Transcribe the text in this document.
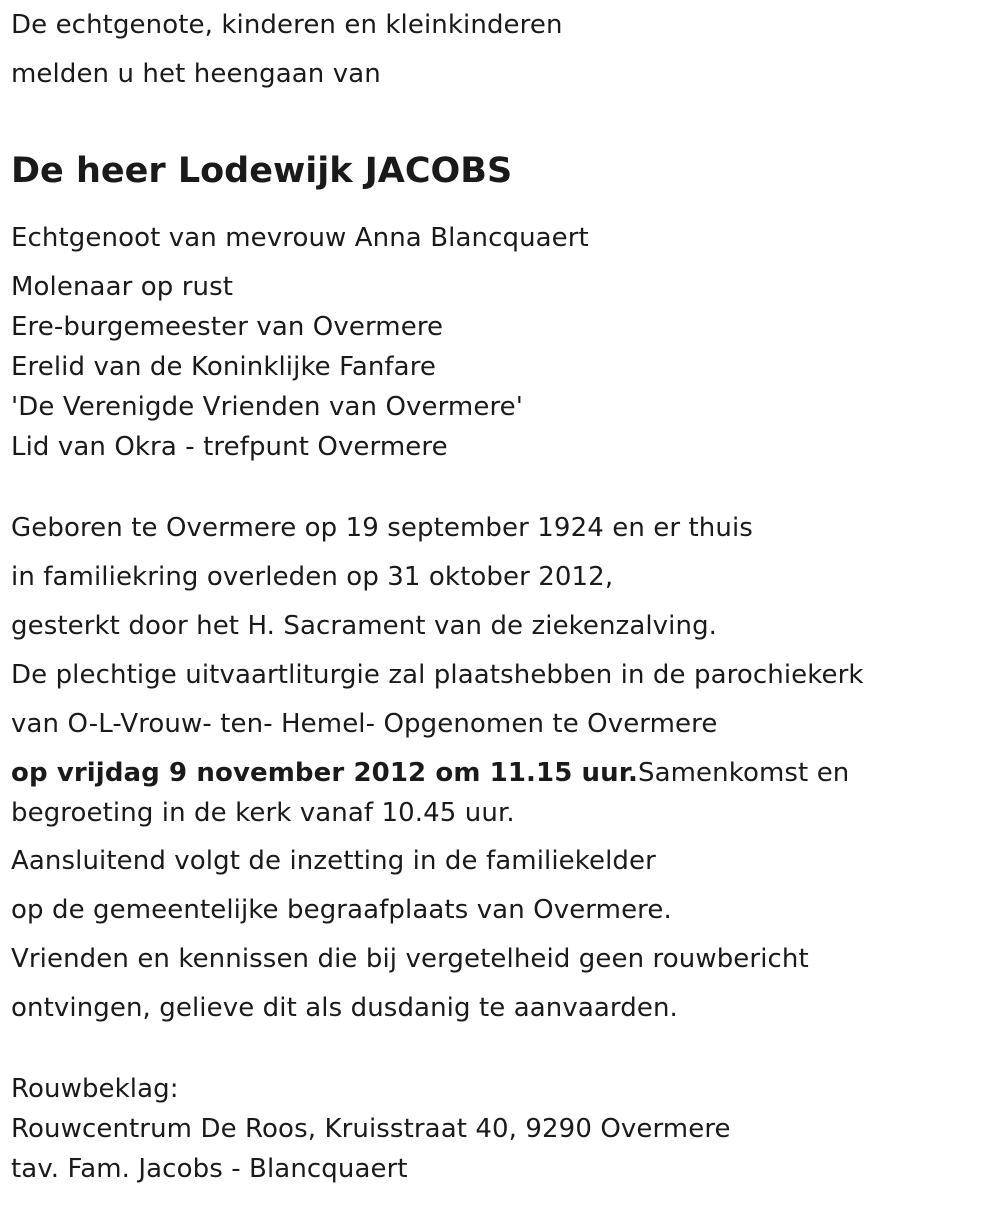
De echtgenote, kinderen en kleinkinderen
melden u het heengaan van
De heer Lodewijk JACOBS
Echtgenoot van mevrouw Anna Blancquaert
Molenaar op rust
Ere-burgemeester van Overmere
Erelid van de Koninklijke Fanfare
'De Verenigde Vrienden van Overmere'
Lid van Okra - trefpunt Overmere
Geboren te Overmere op 19 september 1924 en er thuis
in familiekring overleden op 31 oktober 2012,
gesterkt door het H. Sacrament van de ziekenzalving.
De plechtige uitvaartliturgie zal plaatshebben in de parochiekerk
van O-L-Vrouw- ten- Hemel- Opgenomen te Overmere
op vrijdag 9 november 2012 om 11.15 uur.Samenkomst en begroeting in de kerk vanaf 10.45 uur.
Aansluitend volgt de inzetting in de familiekelder
op de gemeentelijke begraafplaats van Overmere.
Vrienden en kennissen die bij vergetelheid geen rouwbericht
ontvingen, gelieve dit als dusdanig te aanvaarden.
Rouwbeklag:
Rouwcentrum De Roos, Kruisstraat 40, 9290 Overmere
tav. Fam. Jacobs - Blancquaert
